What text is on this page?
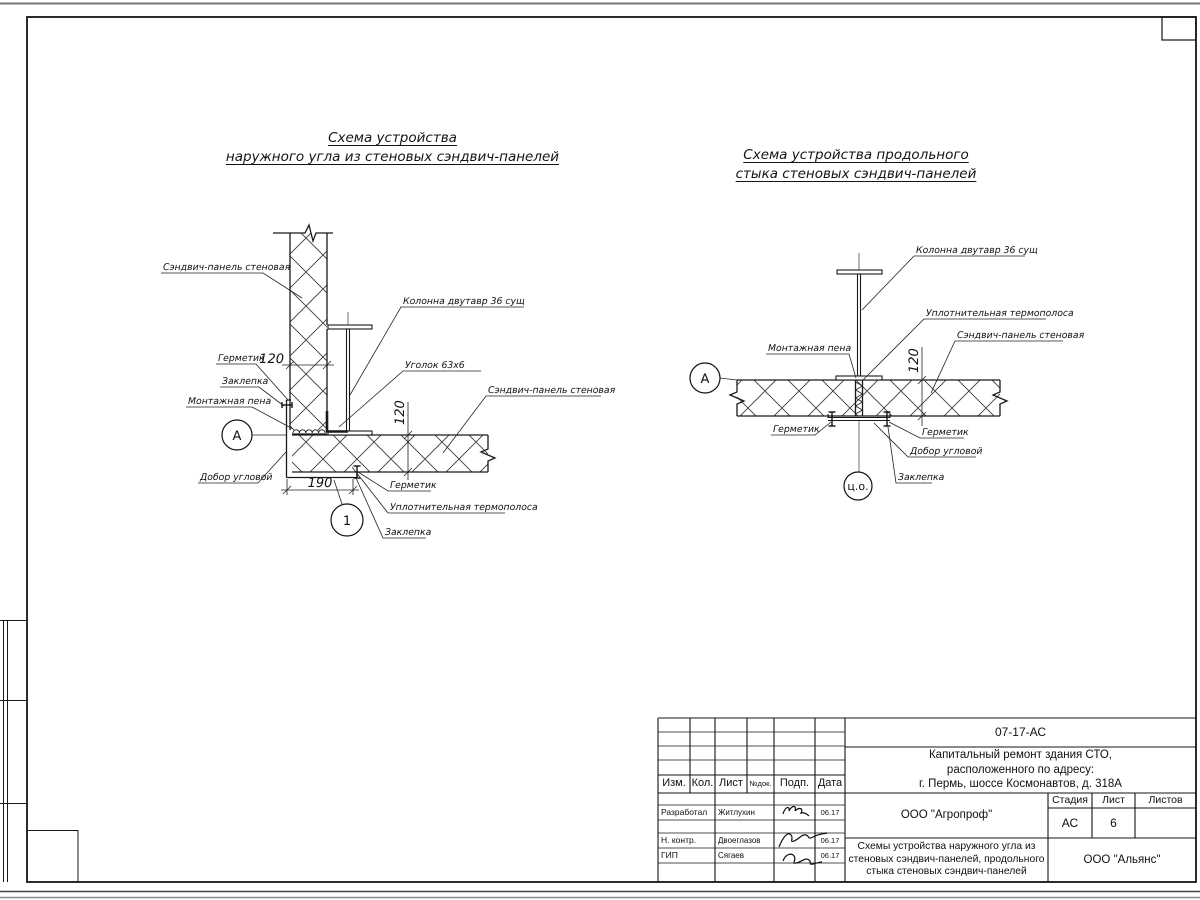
120
120
190
А
1
Сэндвич-панель стеновая
Герметик
Заклепка
Монтажная пена
Добор угловой
Колонна двутавр 36 сущ
Уголок 63х6
Сэндвич-панель стеновая
Герметик
Уплотнительная термополоса
Заклепка
120
А
ц.о.
Колонна двутавр 36 сущ
Уплотнительная термополоса
Сэндвич-панель стеновая
Монтажная пена
Герметик	Герметик
Добор угловой
Заклепка
Схема устройства
наружного угла из стеновых сэндвич-панелей	Схема устройства продольного
стыка стеновых сэндвич-панелей
07-17-АС
Капитальный ремонт здания СТО,
расположенного по адресу:
г. Пермь, шоссе Космонавтов, д. 318А
Изм. Кол. Лист №док. Подп. Дата
ООО "Агропроф"
Стадия	Лист	Листов
АС	6
Схемы устройства наружного угла из
стеновых сэндвич-панелей, продольного
стыка стеновых сэндвич-панелей
ООО "Альянс"
Разработал	Житлухин	06.17
Н. контр.	Двоеглазов	06.17
ГИП	Сягаев	06.17
